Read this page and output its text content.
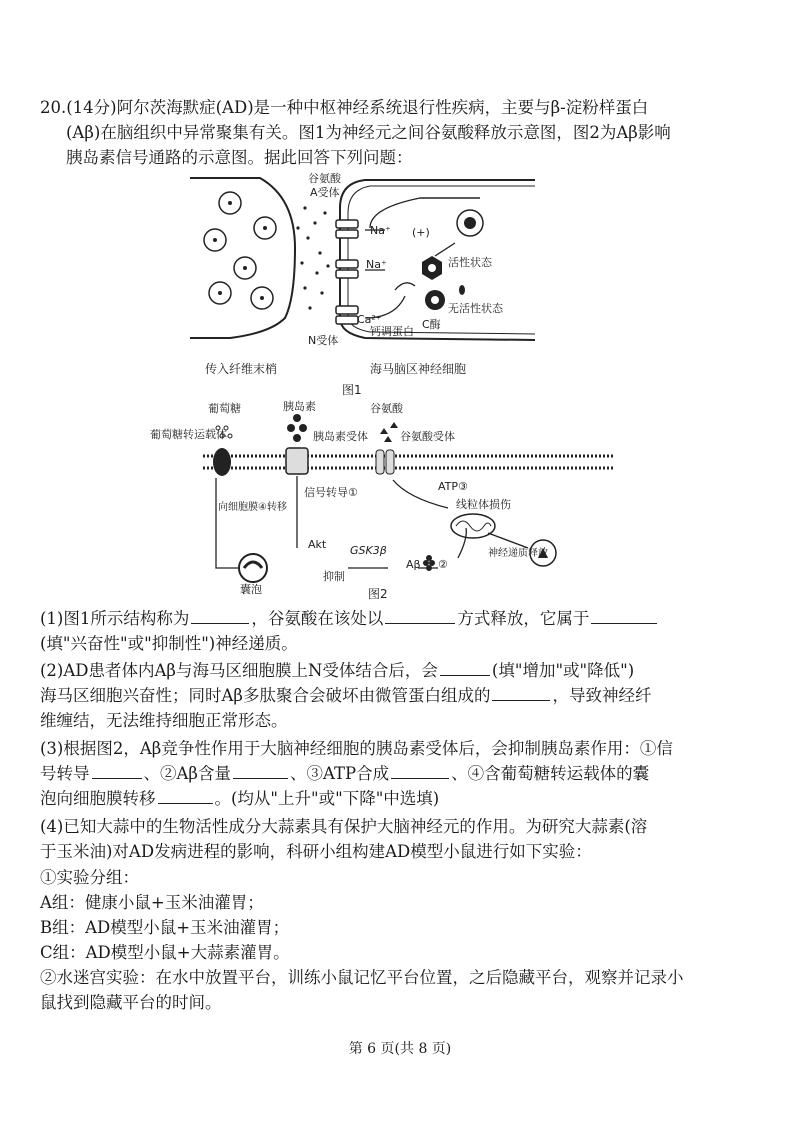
20.(14分)阿尔茨海默症(AD)是一种中枢神经系统退行性疾病，主要与β-淀粉样蛋白
(Aβ)在脑组织中异常聚集有关。图1为神经元之间谷氨酸释放示意图，图2为Aβ影响
胰岛素信号通路的示意图。据此回答下列问题：
谷氨酸
A受体
Na⁺
Na⁺
(+)
活性状态
无活性状态
Ca²⁺
钙调蛋白
C酶
N受体
传入纤维末梢	海马脑区神经细胞
图1
葡萄糖
葡萄糖转运载体
胰岛素
胰岛素受体
谷氨酸
谷氨酸受体
信号转导①	ATP③
线粒体损伤
向细胞膜④转移
Akt GSK3β
抑制
Aβ ②
神经递质释放
囊泡	图2
(1)图1所示结构称为	，谷氨酸在该处以	方式释放，它属于
(填"兴奋性"或"抑制性")神经递质。
(2)AD患者体内Aβ与海马区细胞膜上N受体结合后，会	(填"增加"或"降低")
海马区细胞兴奋性；同时Aβ多肽聚合会破坏由微管蛋白组成的	，导致神经纤
维缠结，无法维持细胞正常形态。
(3)根据图2，Aβ竞争性作用于大脑神经细胞的胰岛素受体后，会抑制胰岛素作用：①信
号转导	、②Aβ含量	、③ATP合成	、④含葡萄糖转运载体的囊
泡向细胞膜转移	。(均从"上升"或"下降"中选填)
(4)已知大蒜中的生物活性成分大蒜素具有保护大脑神经元的作用。为研究大蒜素(溶
于玉米油)对AD发病进程的影响，科研小组构建AD模型小鼠进行如下实验：
①实验分组：
A组：健康小鼠+玉米油灌胃；
B组：AD模型小鼠+玉米油灌胃；
C组：AD模型小鼠+大蒜素灌胃。
②水迷宫实验：在水中放置平台，训练小鼠记忆平台位置，之后隐藏平台，观察并记录小
鼠找到隐藏平台的时间。
第 6 页(共 8 页)
